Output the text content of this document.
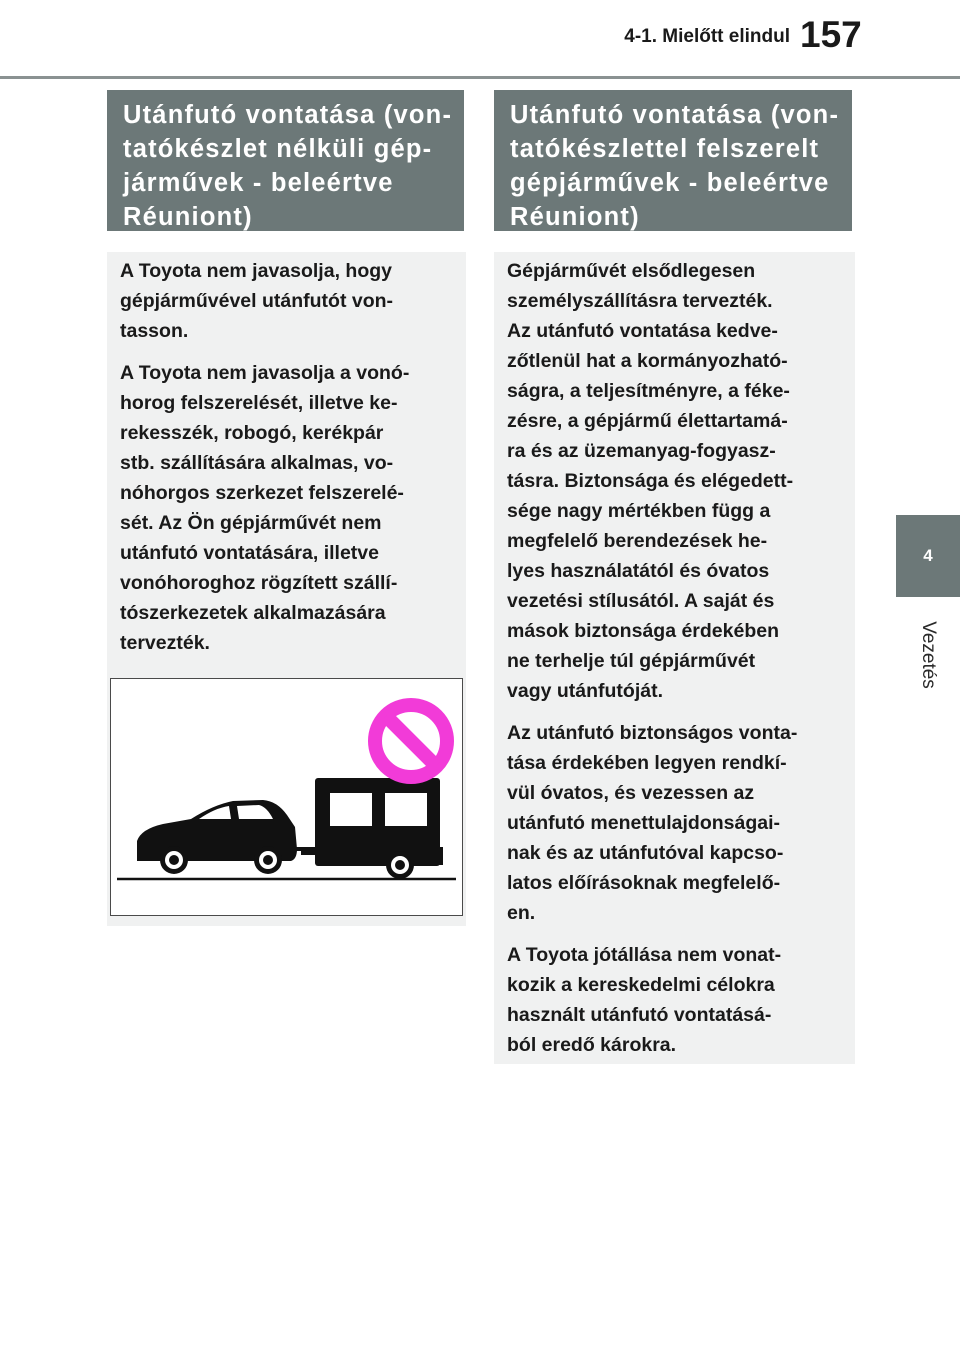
4-1. Mielőtt elindul 157
4
Vezetés
Utánfutó vontatása (von-
tatókészlet nélküli gép-
járművek - beleértve
Réuniont)

A Toyota nem javasolja, hogy
gépjárművével utánfutót von-
tasson.

A Toyota nem javasolja a vonó-
horog felszerelését, illetve ke-
rekesszék, robogó, kerékpár
stb. szállítására alkalmas, vo-
nóhorgos szerkezet felszerelé-
sét. Az Ön gépjárművét nem
utánfutó vontatására, illetve
vonóhoroghoz rögzített szállí-
tószerkezetek alkalmazására
tervezték.

Utánfutó vontatása (von-
tatókészlettel felszerelt
gépjárművek - beleértve
Réuniont)

Gépjárművét elsődlegesen
személyszállításra tervezték.
Az utánfutó vontatása kedve-
zőtlenül hat a kormányozható-
ságra, a teljesítményre, a féke-
zésre, a gépjármű élettartamá-
ra és az üzemanyag-fogyasz-
tásra. Biztonsága és elégedett-
sége nagy mértékben függ a
megfelelő berendezések he-
lyes használatától és óvatos
vezetési stílusától. A saját és
mások biztonsága érdekében
ne terhelje túl gépjárművét
vagy utánfutóját.

Az utánfutó biztonságos vonta-
tása érdekében legyen rendkí-
vül óvatos, és vezessen az
utánfutó menettulajdonságai-
nak és az utánfutóval kapcso-
latos előírásoknak megfelelő-
en.

A Toyota jótállása nem vonat-
kozik a kereskedelmi célokra
használt utánfutó vontatásá-
ból eredő károkra.
